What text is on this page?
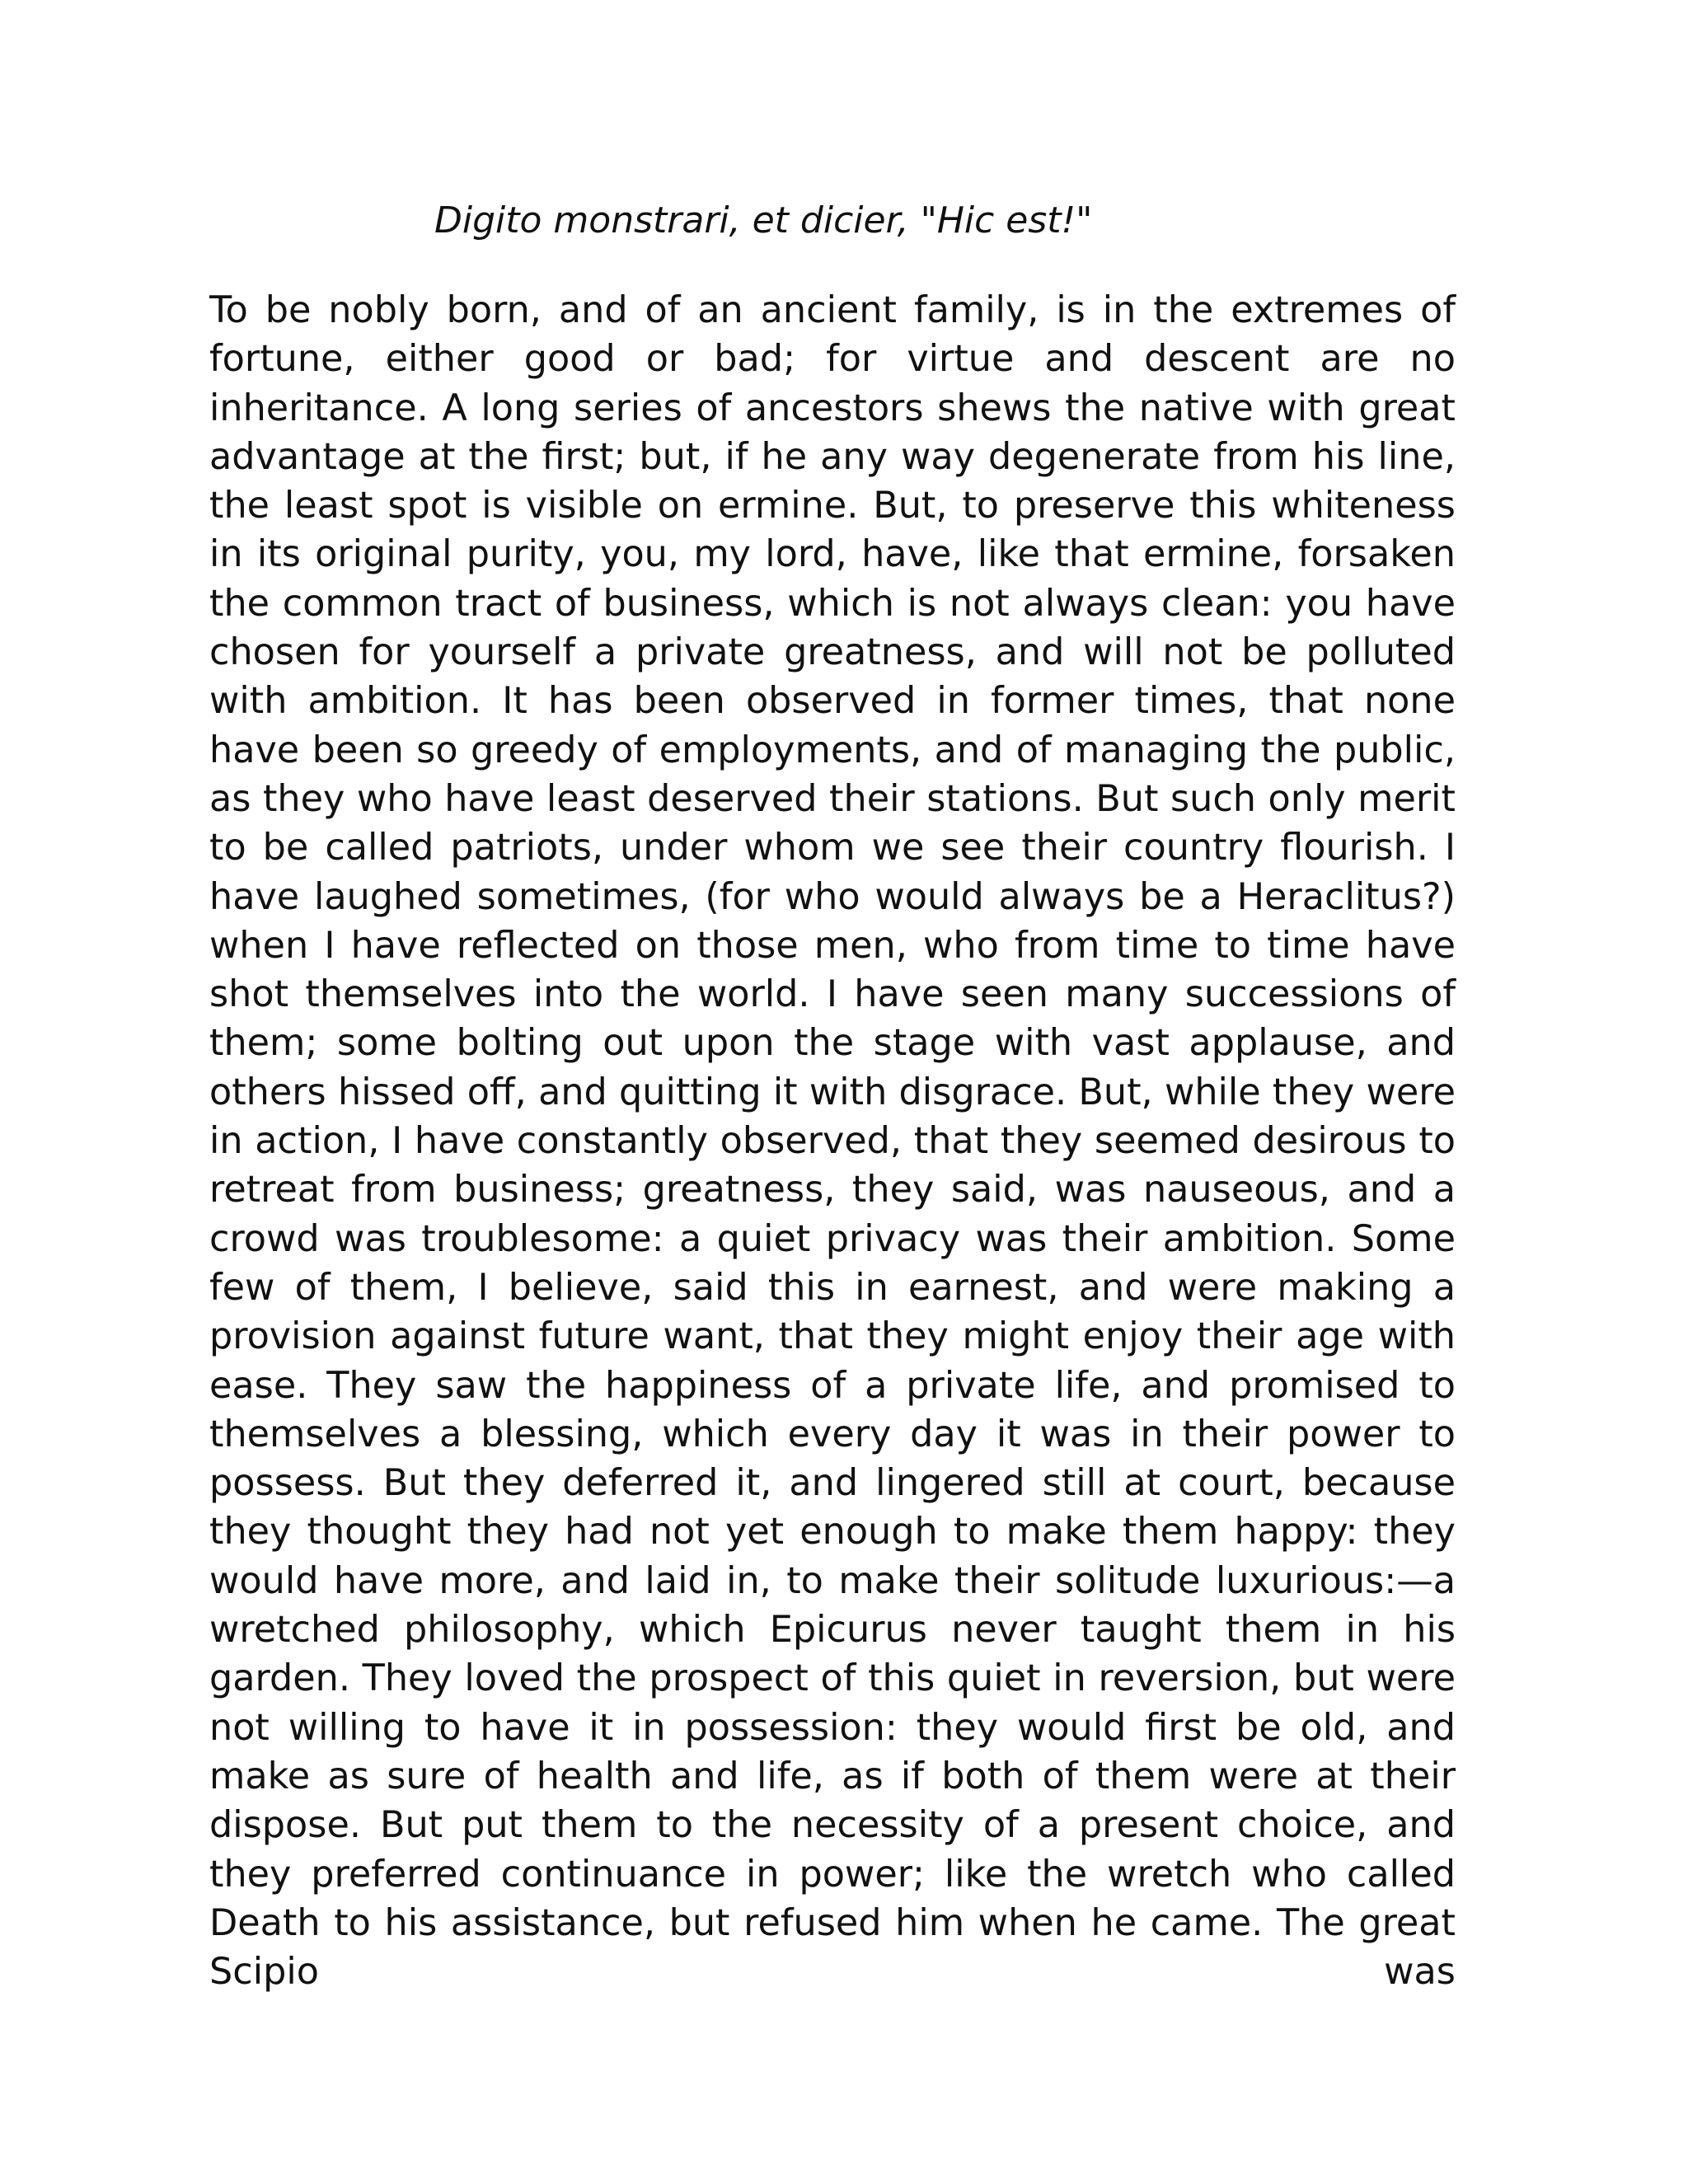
Digito monstrari, et dicier, "Hic est!"

To be nobly born, and of an ancient family, is in the extremes of fortune, either good or bad; for virtue and descent are no inheritance. A long series of ancestors shews the native with great advantage at the first; but, if he any way degenerate from his line, the least spot is visible on ermine. But, to preserve this whiteness in its original purity, you, my lord, have, like that ermine, forsaken the common tract of business, which is not always clean: you have chosen for yourself a private greatness, and will not be polluted with ambition. It has been observed in former times, that none have been so greedy of employments, and of managing the public, as they who have least deserved their stations. But such only merit to be called patriots, under whom we see their country flourish. I have laughed sometimes, (for who would always be a Heraclitus?) when I have reflected on those men, who from time to time have shot themselves into the world. I have seen many successions of them; some bolting out upon the stage with vast applause, and others hissed off, and quitting it with disgrace. But, while they were in action, I have constantly observed, that they seemed desirous to retreat from business; greatness, they said, was nauseous, and a crowd was troublesome: a quiet privacy was their ambition. Some few of them, I believe, said this in earnest, and were making a provision against future want, that they might enjoy their age with ease. They saw the happiness of a private life, and promised to themselves a blessing, which every day it was in their power to possess. But they deferred it, and lingered still at court, because they thought they had not yet enough to make them happy: they would have more, and laid in, to make their solitude luxurious:—a wretched philosophy, which Epicurus never taught them in his garden. They loved the prospect of this quiet in reversion, but were not willing to have it in possession: they would first be old, and make as sure of health and life, as if both of them were at their dispose. But put them to the necessity of a present choice, and they preferred continuance in power; like the wretch who called Death to his assistance, but refused him when he came. The great Scipio was
